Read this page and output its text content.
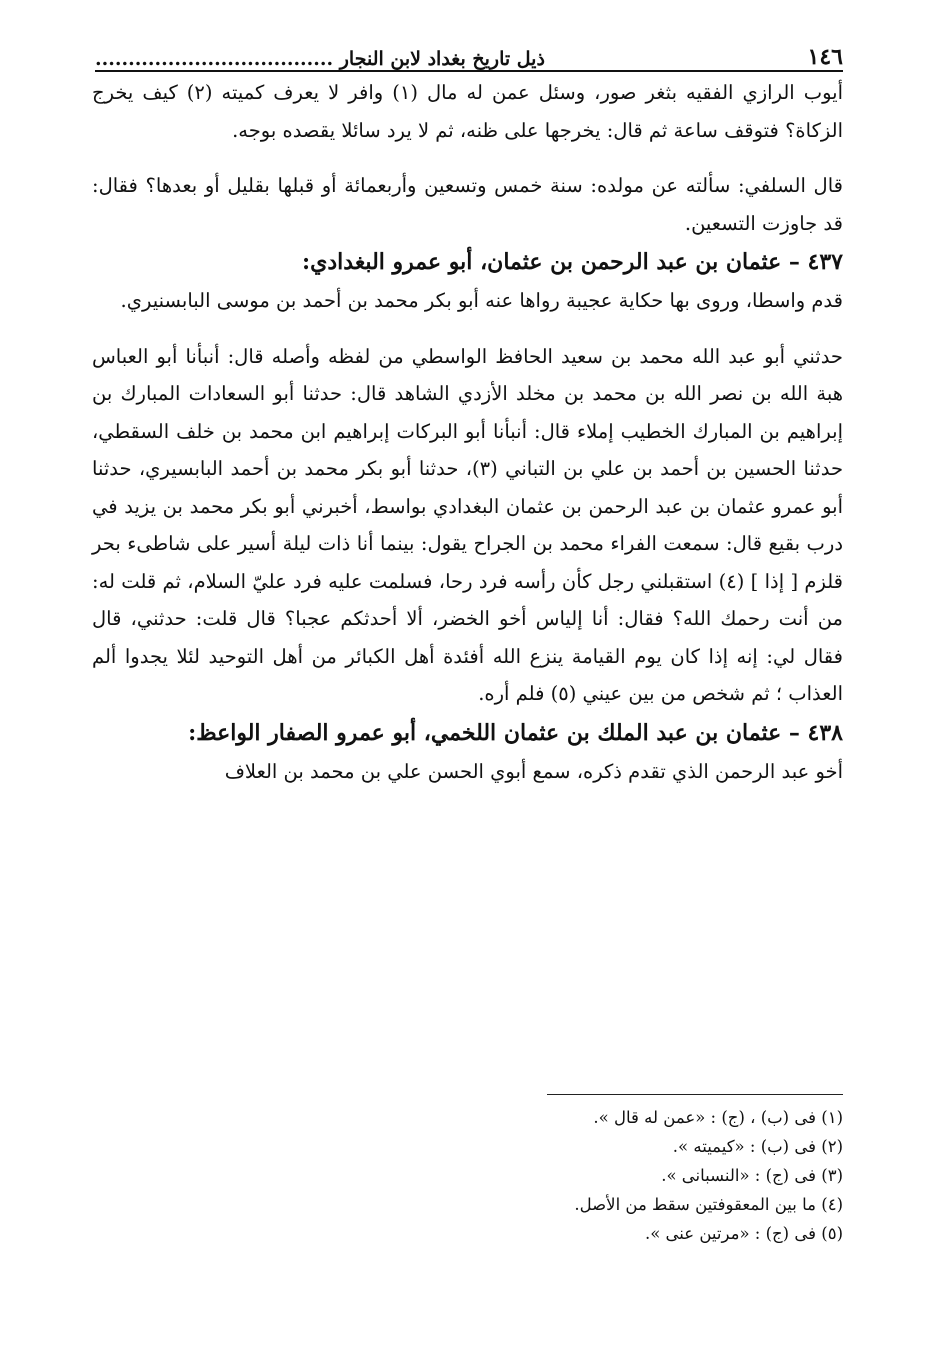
١٤٦
ذيل تاريخ بغداد لابن النجار ....................................

أيوب الرازي الفقيه بثغر صور، وسئل عمن له مال (١) وافر لا يعرف كميته (٢) كيف يخرج الزكاة؟ فتوقف ساعة ثم قال: يخرجها على ظنه، ثم لا يرد سائلا يقصده بوجه.

قال السلفي: سألته عن مولده: سنة خمس وتسعين وأربعمائة أو قبلها بقليل أو بعدها؟ فقال: قد جاوزت التسعين.

٤٣٧ – عثمان بن عبد الرحمن بن عثمان، أبو عمرو البغدادي:

قدم واسطا، وروى بها حكاية عجيبة رواها عنه أبو بكر محمد بن أحمد بن موسى البابسنيري.

حدثني أبو عبد الله محمد بن سعيد الحافظ الواسطي من لفظه وأصله قال: أنبأنا أبو العباس هبة الله بن نصر الله بن محمد بن مخلد الأزدي الشاهد قال: حدثنا أبو السعادات المبارك بن إبراهيم بن المبارك الخطيب إملاء قال: أنبأنا أبو البركات إبراهيم ابن محمد بن خلف السقطي، حدثنا الحسين بن أحمد بن علي بن التباني (٣)، حدثنا أبو بكر محمد بن أحمد البابسيري، حدثنا أبو عمرو عثمان بن عبد الرحمن بن عثمان البغدادي بواسط، أخبرني أبو بكر محمد بن يزيد في درب بقيع قال: سمعت الفراء محمد بن الجراح يقول: بينما أنا ذات ليلة أسير على شاطىء بحر قلزم [ إذا ] (٤) استقبلني رجل كأن رأسه فرد رحا، فسلمت عليه فرد عليّ السلام، ثم قلت له: من أنت رحمك الله؟ فقال: أنا إلياس أخو الخضر، ألا أحدثكم عجبا؟ قال قلت: حدثني، قال فقال لي: إنه إذا كان يوم القيامة ينزع الله أفئدة أهل الكبائر من أهل التوحيد لئلا يجدوا ألم العذاب ؛ ثم شخص من بين عيني (٥) فلم أره.

٤٣٨ – عثمان بن عبد الملك بن عثمان اللخمي، أبو عمرو الصفار الواعظ:

أخو عبد الرحمن الذي تقدم ذكره، سمع أبوي الحسن علي بن محمد بن العلاف

(١) فى (ب) ، (ج) : «عمن له قال ».
(٢) فى (ب) : «كيميته ».
(٣) فى (ج) : «النسبانى ».
(٤) ما بين المعقوفتين سقط من الأصل.
(٥) فى (ج) : «مرتين عنى ».
